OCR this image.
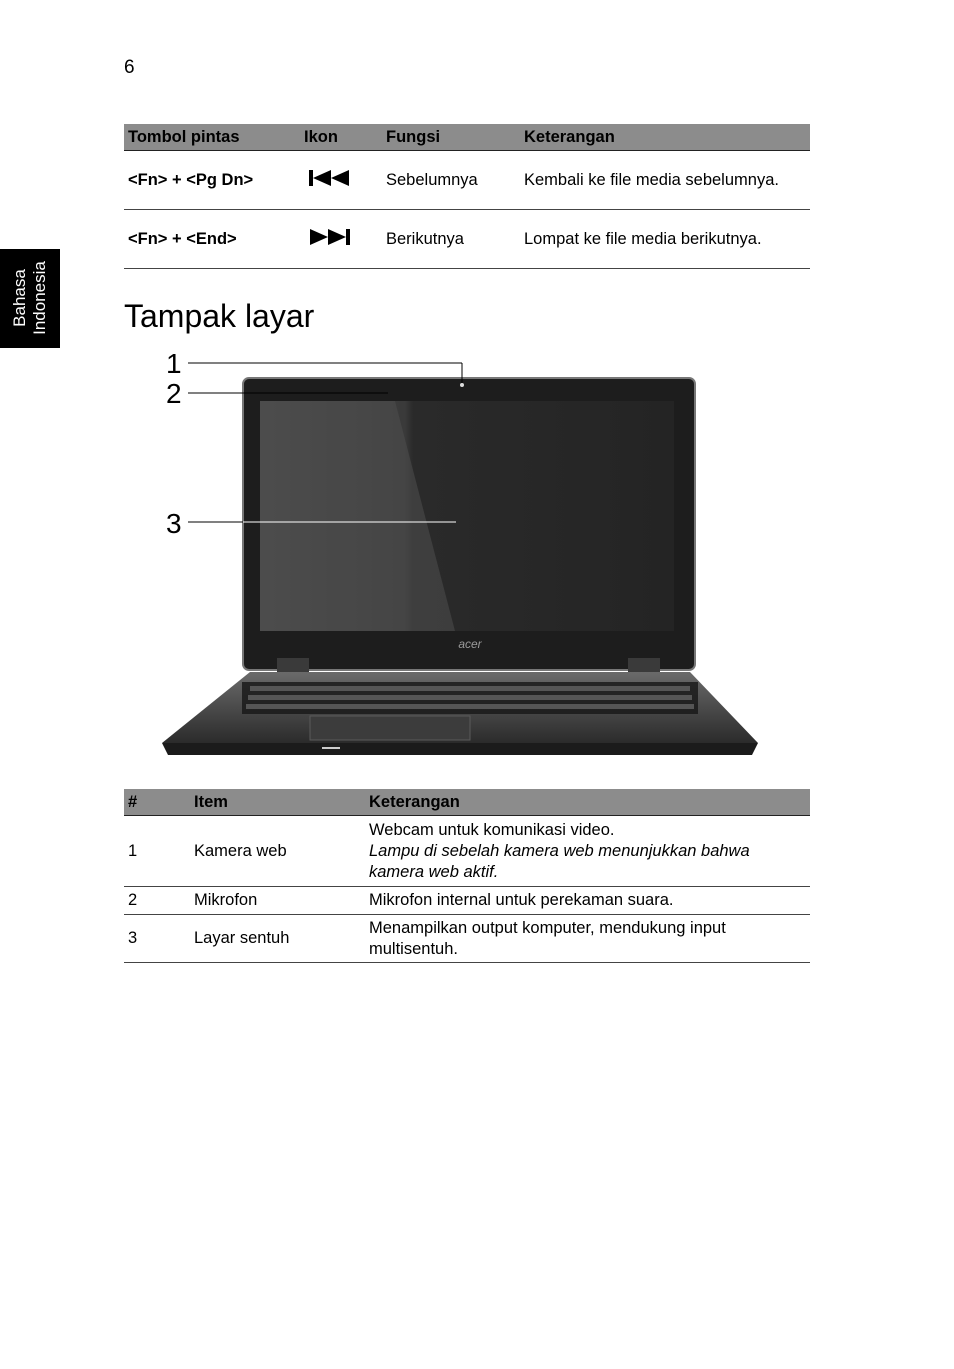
6
Bahasa Indonesia
Tombol pintas	Ikon	Fungsi	Keterangan
<Fn> + <Pg Dn>		Sebelumnya	Kembali ke file media sebelumnya.
<Fn> + <End>		Berikutnya	Lompat ke file media berikutnya.
Tampak layar
acer
1
2
3
#	Item	Keterangan
1	Kamera web	Webcam untuk komunikasi video.
Lampu di sebelah kamera web menunjukkan bahwa kamera web aktif.

2	Mikrofon	Mikrofon internal untuk perekaman suara.

3	Layar sentuh	Menampilkan output komputer, mendukung input multisentuh.
